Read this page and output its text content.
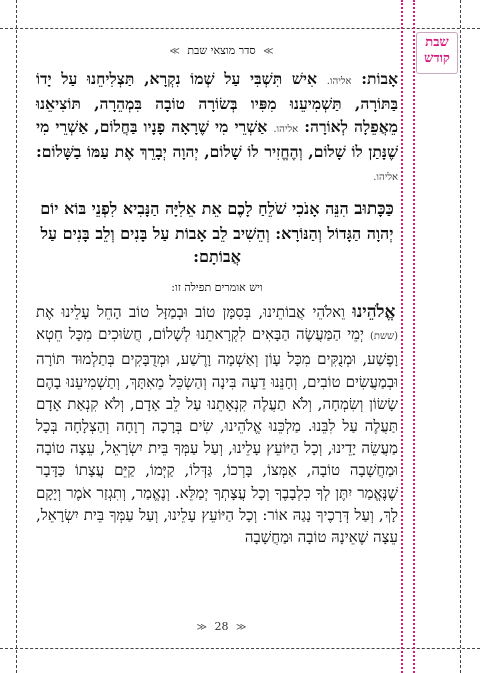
שבת
קודש
≫ סדר מוצאי שבת ≫

אָבוֹת: אליהו. אִישׁ תִּשְׁבִּי עַל שְׁמוֹ נִקְרָא, תַּצְלִיחֵנוּ עַל יָדוֹ בַּתּוֹרָה, תַּשְׁמִיעֵנוּ מִפִּיו בְּשׂוֹרָה טוֹבָה בִּמְהֵרָה, תּוֹצִיאֵנוּ מֵאֲפֵלָה לְאוֹרָה: אליהו. אַשְׁרֵי מִי שֶׁרָאָה פָנָיו בַּחֲלוֹם, אַשְׁרֵי מִי שֶׁנָּתַן לוֹ שָׁלוֹם, וְהֶחֱזִיר לוֹ שָׁלוֹם, יְהוָה יְבָרֵךְ אֶת עַמּוֹ בַשָּׁלוֹם: אליהו.

כַּכָּתוּב הִנֵּה אָנֹכִי שֹׁלֵחַ לָכֶם אֵת אֵלִיָּה הַנָּבִיא לִפְנֵי בּוֹא יוֹם יְהוָה הַגָּדוֹל וְהַנּוֹרָא: וְהֵשִׁיב לֵב אָבוֹת עַל בָּנִים וְלֵב בָּנִים עַל אֲבוֹתָם:

ויש אומרים תפילה זו:

אֱלֹהֵינוּ וֵאלֹהֵי אֲבוֹתֵינוּ, בְּסִמָּן טוֹב וּבְמַזָּל טוֹב הָחֵל עָלֵינוּ אֶת (ששת) יְמֵי הַמַּעֲשֶׂה הַבָּאִים לִקְרָאתֵנוּ לְשָׁלוֹם, חֲשׂוּכִים מִכָּל חֵטְא וָפֶשַׁע, וּמְנֻקִּים מִכָּל עָוֹן וְאַשְׁמָה וָרֶשַׁע, וּמְדֻבָּקִים בְּתַלְמוּד תּוֹרָה וּבְמַעֲשִׂים טוֹבִים, וְחָנֵּנוּ דֵעָה בִּינָה וְהַשְׂכֵּל מֵאִתָּךְ, וְתַשְׁמִיעֵנוּ בָהֶם שָׂשׂוֹן וְשִׂמְחָה, וְלֹא תַעֲלֶה קִנְאָתֵנוּ עַל לֵב אָדָם, וְלֹא קִנְאַת אָדָם תַּעֲלֶה עַל לִבֵּנוּ. מַלְכֵּנוּ אֱלֹהֵינוּ, שִׂים בְּרָכָה רְוָחָה וְהַצְלָחָה בְּכָל מַעֲשֵׂה יָדֵינוּ, וְכָל הַיּוֹעֵץ עָלֵינוּ, וְעַל עַמְּךָ בֵּית יִשְׂרָאֵל, עֵצָה טוֹבָה וּמַחֲשָׁבָה טוֹבָה, אַמְּצוֹ, בָּרְכוֹ, גַּדְּלוֹ, קַיְּמוֹ, קַיֵּם עֲצָתוֹ כַּדָּבָר שֶׁנֶּאֱמַר יִתֶּן לְךָ כִלְבָבֶךָ וְכָל עֲצָתְךָ יְמַלֵּא. וְנֶאֱמַר, וְתִגְזַר אֹמֶר וְיָקָם לָךְ, וְעַל דְּרָכֶיךָ נָגַהּ אוֹר: וְכָל הַיּוֹעֵץ עָלֵינוּ, וְעַל עַמְּךָ בֵּית יִשְׂרָאֵל, עֵצָה שֶׁאֵינָהּ טוֹבָה וּמַחֲשָׁבָה

≫ 28 ≫
